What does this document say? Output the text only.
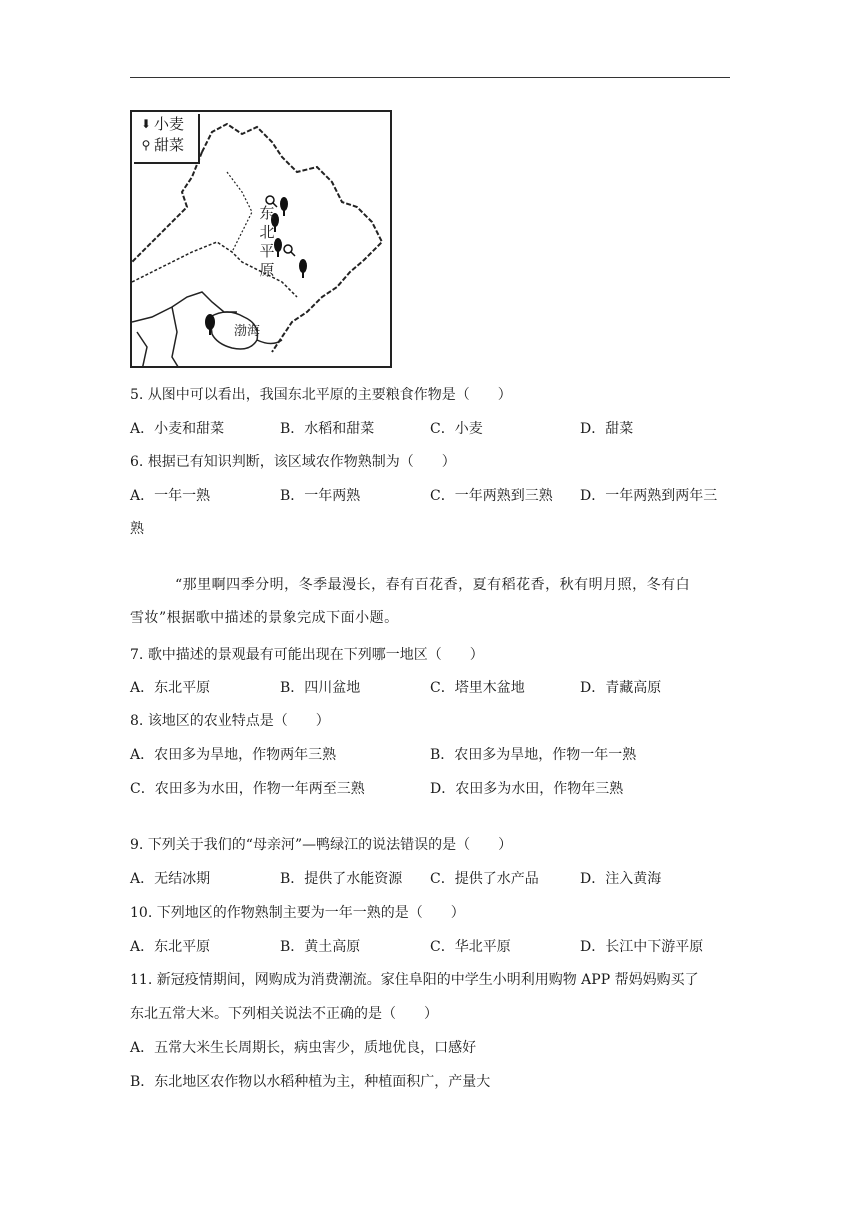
⬇ 小麦
⚲ 甜菜
东
北
平
原
渤海
5. 从图中可以看出，我国东北平原的主要粮食作物是（　　）
A．小麦和甜菜	B．水稻和甜菜	C．小麦	D．甜菜
6. 根据已有知识判断，该区域农作物熟制为（　　）
A．一年一熟	B．一年两熟	C．一年两熟到三熟 D．一年两熟到两年三
熟
“那里啊四季分明，冬季最漫长，春有百花香，夏有稻花香，秋有明月照，冬有白
雪妆”根据歌中描述的景象完成下面小题。
7. 歌中描述的景观最有可能出现在下列哪一地区（　　）
A．东北平原	B．四川盆地	C．塔里木盆地	D．青藏高原
8. 该地区的农业特点是（　　）
A．农田多为旱地，作物两年三熟	B．农田多为旱地，作物一年一熟
C．农田多为水田，作物一年两至三熟	D．农田多为水田，作物年三熟
9. 下列关于我们的“母亲河”—鸭绿江的说法错误的是（　　）
A．无结冰期	B．提供了水能资源 C．提供了水产品	D．注入黄海
10. 下列地区的作物熟制主要为一年一熟的是（　　）
A．东北平原	B．黄土高原	C．华北平原	D．长江中下游平原
11. 新冠疫情期间，网购成为消费潮流。家住阜阳的中学生小明利用购物 APP 帮妈妈购买了
东北五常大米。下列相关说法不正确的是（　　）
A．五常大米生长周期长，病虫害少，质地优良，口感好
B．东北地区农作物以水稻种植为主，种植面积广，产量大
